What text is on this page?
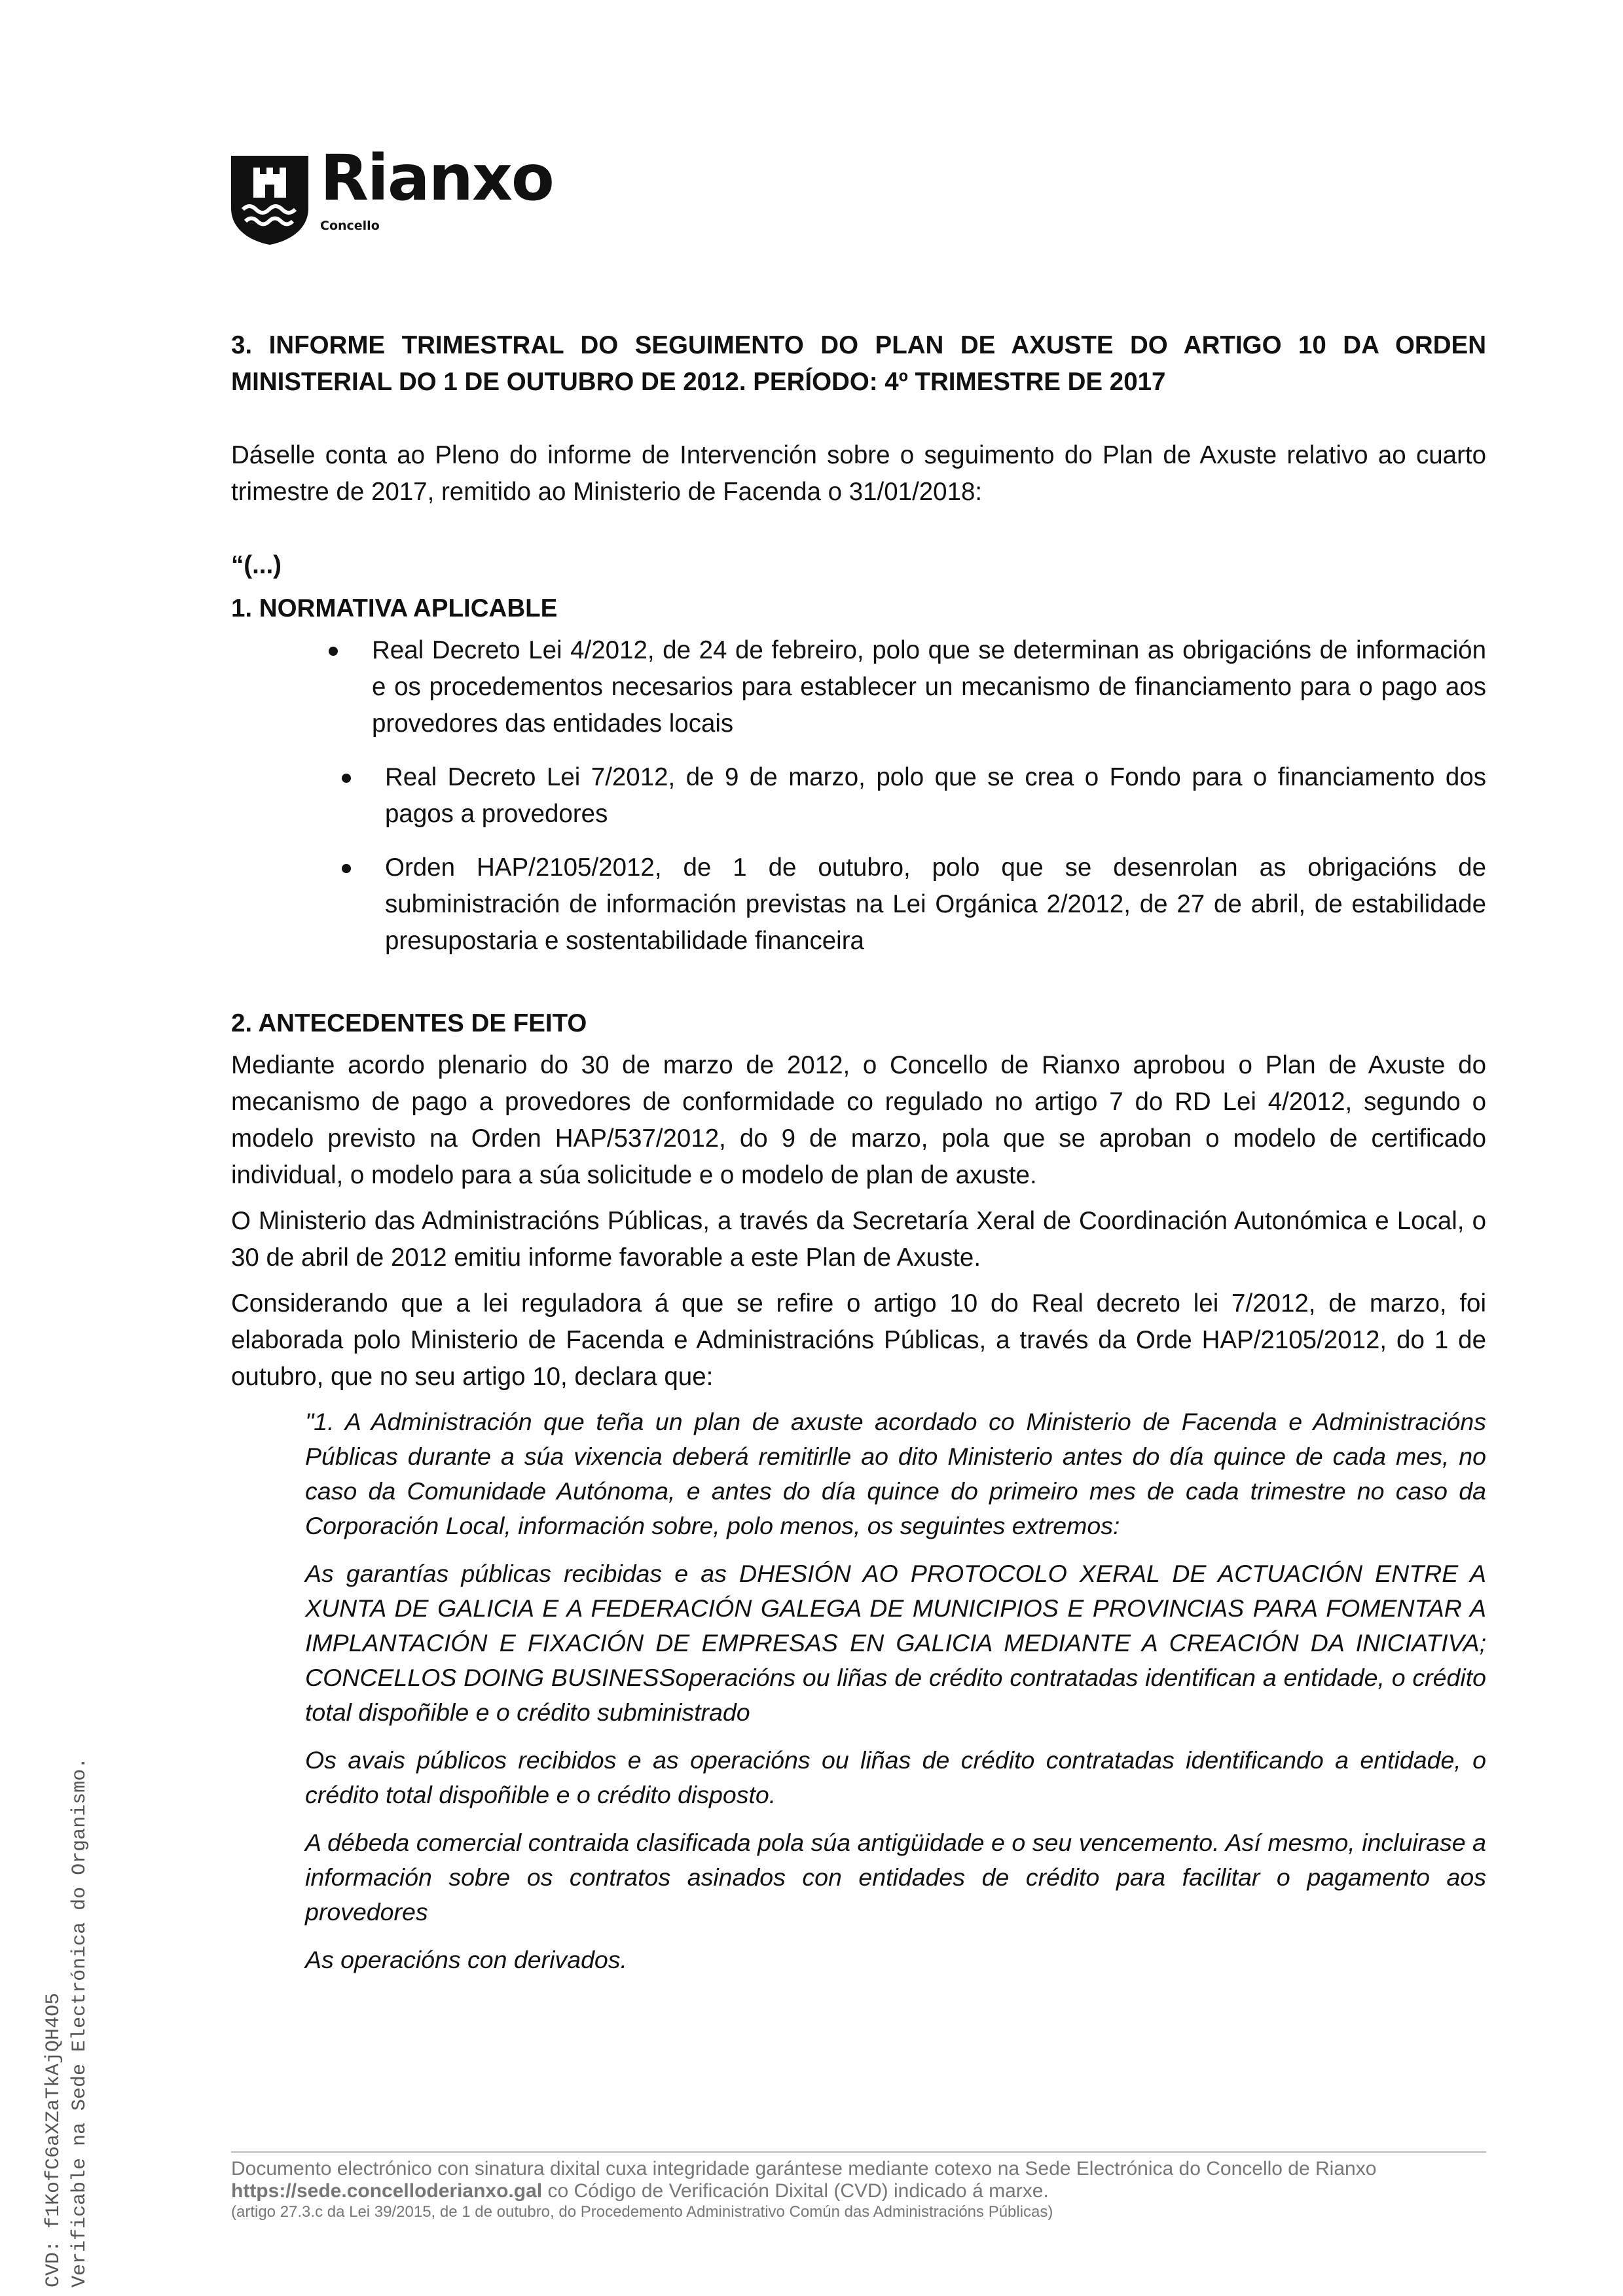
Rianxo
Concello

3. INFORME TRIMESTRAL DO SEGUIMENTO DO PLAN DE AXUSTE DO ARTIGO 10 DA ORDEN MINISTERIAL DO 1 DE OUTUBRO DE 2012. PERÍODO: 4º TRIMESTRE DE 2017

Dáselle conta ao Pleno do informe de Intervención sobre o seguimento do Plan de Axuste relativo ao cuarto trimestre de 2017, remitido ao Ministerio de Facenda o 31/01/2018:

“(...)

1. NORMATIVA APLICABLE
Real Decreto Lei 4/2012, de 24 de febreiro, polo que se determinan as obrigacións de información e os procedementos necesarios para establecer un mecanismo de financiamento para o pago aos provedores das entidades locais
Real Decreto Lei 7/2012, de 9 de marzo, polo que se crea o Fondo para o financiamento dos pagos a provedores
Orden HAP/2105/2012, de 1 de outubro, polo que se desenrolan as obrigacións de subministración de información previstas na Lei Orgánica 2/2012, de 27 de abril, de estabilidade presupostaria e sostentabilidade financeira
2. ANTECEDENTES DE FEITO

Mediante acordo plenario do 30 de marzo de 2012, o Concello de Rianxo aprobou o Plan de Axuste do mecanismo de pago a provedores de conformidade co regulado no artigo 7 do RD Lei 4/2012, segundo o modelo previsto na Orden HAP/537/2012, do 9 de marzo, pola que se aproban o modelo de certificado individual, o modelo para a súa solicitude e o modelo de plan de axuste.

O Ministerio das Administracións Públicas, a través da Secretaría Xeral de Coordinación Autonómica e Local, o 30 de abril de 2012 emitiu informe favorable a este Plan de Axuste.

Considerando que a lei reguladora á que se refire o artigo 10 do Real decreto lei 7/2012, de marzo, foi elaborada polo Ministerio de Facenda e Administracións Públicas, a través da Orde HAP/2105/2012, do 1 de outubro, que no seu artigo 10, declara que:

"1. A Administración que teña un plan de axuste acordado co Ministerio de Facenda e Administracións Públicas durante a súa vixencia deberá remitirlle ao dito Ministerio antes do día quince de cada mes, no caso da Comunidade Autónoma, e antes do día quince do primeiro mes de cada trimestre no caso da Corporación Local, información sobre, polo menos, os seguintes extremos:

As garantías públicas recibidas e as DHESIÓN AO PROTOCOLO XERAL DE ACTUACIÓN ENTRE A XUNTA DE GALICIA E A FEDERACIÓN GALEGA DE MUNICIPIOS E PROVINCIAS PARA FOMENTAR A IMPLANTACIÓN E FIXACIÓN DE EMPRESAS EN GALICIA MEDIANTE A CREACIÓN DA INICIATIVA; CONCELLOS DOING BUSINESSoperacións ou liñas de crédito contratadas identifican a entidade, o crédito total dispoñible e o crédito subministrado

Os avais públicos recibidos e as operacións ou liñas de crédito contratadas identificando a entidade, o crédito total dispoñible e o crédito disposto.

A débeda comercial contraida clasificada pola súa antigüidade e o seu vencemento. Así mesmo, incluirase a información sobre os contratos asinados con entidades de crédito para facilitar o pagamento aos provedores

As operacións con derivados.

Documento electrónico con sinatura dixital cuxa integridade garántese mediante cotexo na Sede Electrónica do Concello de Rianxo
https://sede.concelloderianxo.gal co Código de Verificación Dixital (CVD) indicado á marxe.
(artigo 27.3.c da Lei 39/2015, de 1 de outubro, do Procedemento Administrativo Común das Administracións Públicas)
CVD: f1KofC6aXZaTkAjQH4O5 Verificable na Sede Electrónica do Organismo.
